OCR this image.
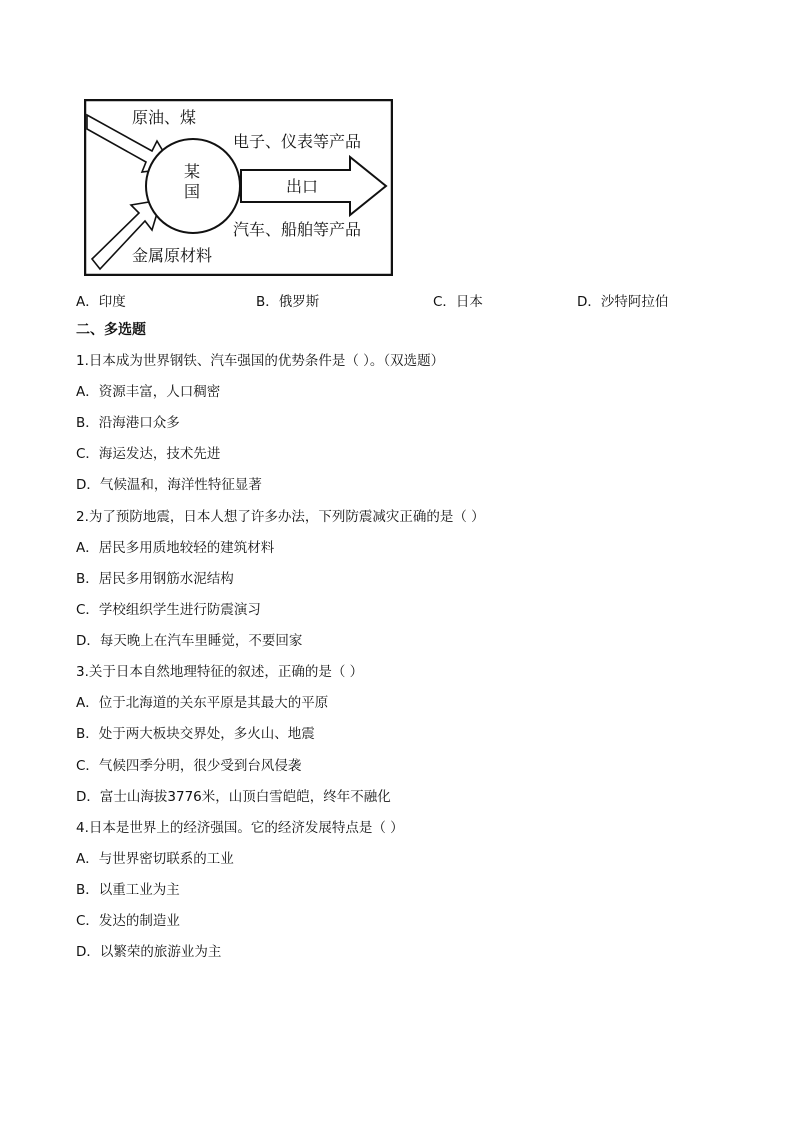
原油、煤
金属原材料
某
国
电子、仪表等产品
出口
汽车、船舶等产品
A．印度	B．俄罗斯	C．日本	D．沙特阿拉伯
二、多选题
1.日本成为世界钢铁、汽车强国的优势条件是（ ）。（双选题）
A．资源丰富，人口稠密
B．沿海港口众多
C．海运发达，技术先进
D．气候温和，海洋性特征显著
2.为了预防地震，日本人想了许多办法，下列防震减灾正确的是（ ）
A．居民多用质地较轻的建筑材料
B．居民多用钢筋水泥结构
C．学校组织学生进行防震演习
D．每天晚上在汽车里睡觉，不要回家
3.关于日本自然地理特征的叙述，正确的是（ ）
A．位于北海道的关东平原是其最大的平原
B．处于两大板块交界处，多火山、地震
C．气候四季分明，很少受到台风侵袭
D．富士山海拔3776米，山顶白雪皑皑，终年不融化
4.日本是世界上的经济强国。它的经济发展特点是（ ）
A．与世界密切联系的工业
B．以重工业为主
C．发达的制造业
D．以繁荣的旅游业为主
